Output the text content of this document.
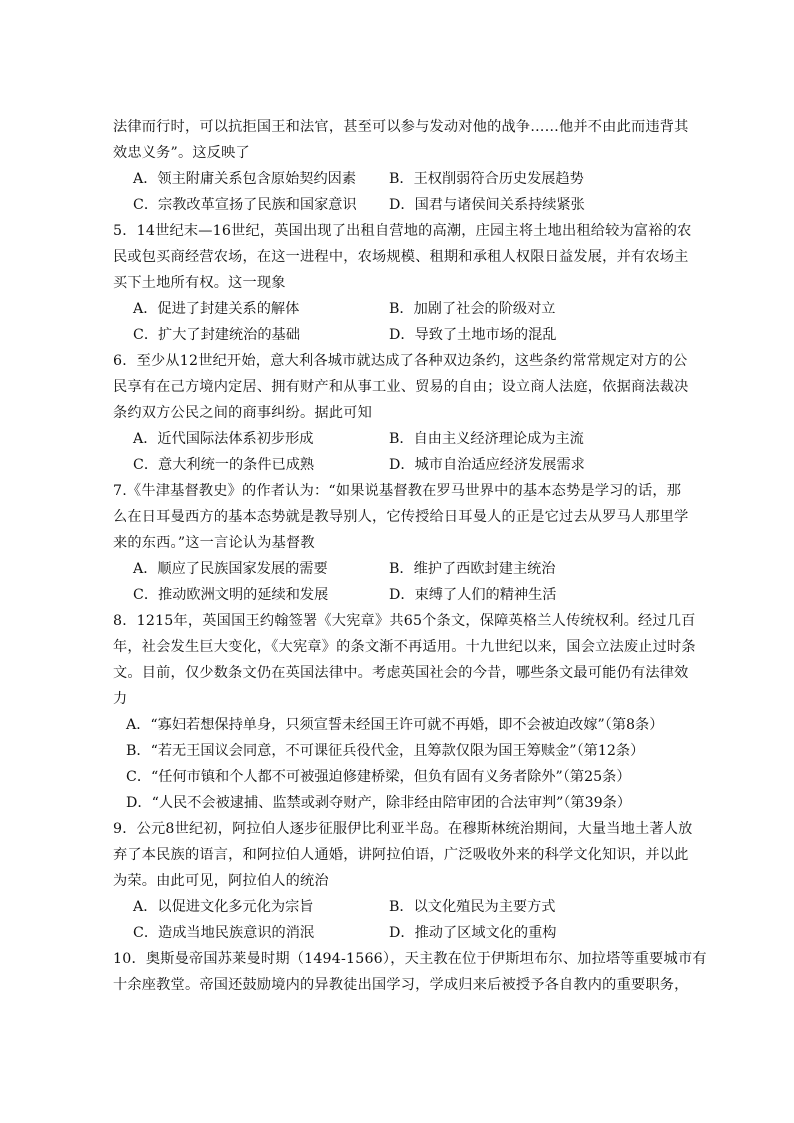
法律而行时，可以抗拒国王和法官，甚至可以参与发动对他的战争……他并不由此而违背其
效忠义务”。这反映了
A．领主附庸关系包含原始契约因素 B．王权削弱符合历史发展趋势
C．宗教改革宣扬了民族和国家意识 D．国君与诸侯间关系持续紧张
5．14世纪末—16世纪，英国出现了出租自营地的高潮，庄园主将土地出租给较为富裕的农
民或包买商经营农场，在这一进程中，农场规模、租期和承租人权限日益发展，并有农场主
买下土地所有权。这一现象
A．促进了封建关系的解体	B．加剧了社会的阶级对立
C．扩大了封建统治的基础	D．导致了土地市场的混乱
6．至少从12世纪开始，意大利各城市就达成了各种双边条约，这些条约常常规定对方的公
民享有在己方境内定居、拥有财产和从事工业、贸易的自由；设立商人法庭，依据商法裁决
条约双方公民之间的商事纠纷。据此可知
A．近代国际法体系初步形成	B．自由主义经济理论成为主流
C．意大利统一的条件已成熟	D．城市自治适应经济发展需求
7.《牛津基督教史》的作者认为：“如果说基督教在罗马世界中的基本态势是学习的话，那
么在日耳曼西方的基本态势就是教导别人，它传授给日耳曼人的正是它过去从罗马人那里学
来的东西。”这一言论认为基督教
A．顺应了民族国家发展的需要	B．维护了西欧封建主统治
C．推动欧洲文明的延续和发展	D．束缚了人们的精神生活
8．1215年，英国国王约翰签署《大宪章》共65个条文，保障英格兰人传统权利。经过几百
年，社会发生巨大变化，《大宪章》的条文渐不再适用。十九世纪以来，国会立法废止过时条
文。目前，仅少数条文仍在英国法律中。考虑英国社会的今昔，哪些条文最可能仍有法律效
力
A．“寡妇若想保持单身，只须宣誓未经国王许可就不再婚，即不会被迫改嫁”（第8条）
B．“若无王国议会同意，不可课征兵役代金，且筹款仅限为国王筹赎金”（第12条）
C．“任何市镇和个人都不可被强迫修建桥梁，但负有固有义务者除外”（第25条）
D．“人民不会被逮捕、监禁或剥夺财产，除非经由陪审团的合法审判”（第39条）
9．公元8世纪初，阿拉伯人逐步征服伊比利亚半岛。在穆斯林统治期间，大量当地土著人放
弃了本民族的语言，和阿拉伯人通婚，讲阿拉伯语，广泛吸收外来的科学文化知识，并以此
为荣。由此可见，阿拉伯人的统治
A．以促进文化多元化为宗旨	B．以文化殖民为主要方式
C．造成当地民族意识的消泯	D．推动了区域文化的重构
10．奥斯曼帝国苏莱曼时期（1494-1566），天主教在位于伊斯坦布尔、加拉塔等重要城市有
十余座教堂。帝国还鼓励境内的异教徒出国学习，学成归来后被授予各自教内的重要职务，
